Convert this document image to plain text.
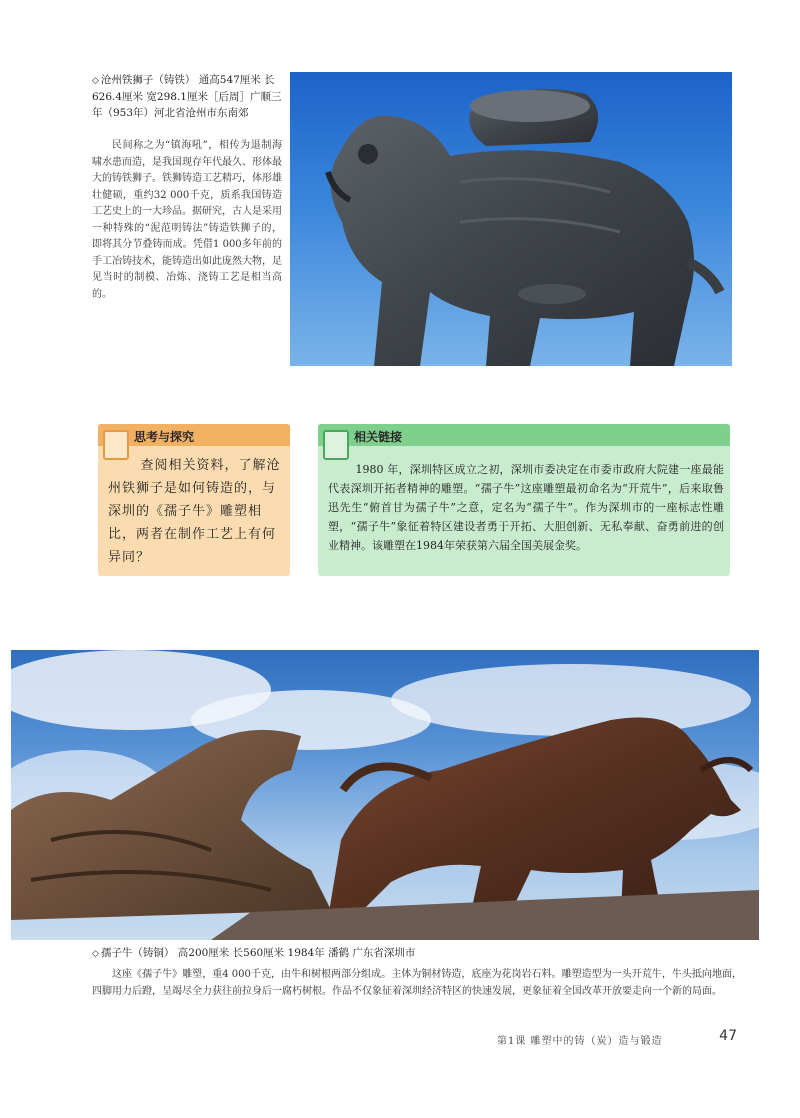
◇ 沧州铁狮子（铸铁） 通高547厘米 长626.4厘米 宽298.1厘米［后周］广顺三年（953年）河北省沧州市东南郊
民间称之为“镇海吼”，相传为退制海啸水患而造，是我国现存年代最久、形体最大的铸铁狮子。铁狮铸造工艺精巧，体形雄壮健硕，重约32 000千克，质系我国铸造工艺史上的一大珍品。据研究，古人是采用一种特殊的“泥范明铸法”铸造铁狮子的，即将其分节叠铸而成。凭借1 000多年前的手工冶铸技术，能铸造出如此庞然大物，足见当时的制模、冶炼、浇铸工艺是相当高的。
思考与探究
查阅相关资料，了解沧州铁狮子是如何铸造的，与深圳的《孺子牛》雕塑相比，两者在制作工艺上有何异同？
相关链接
1980 年，深圳特区成立之初，深圳市委决定在市委市政府大院建一座最能代表深圳开拓者精神的雕塑。“孺子牛”这座雕塑最初命名为“开荒牛”，后来取鲁迅先生“俯首甘为孺子牛”之意，定名为“孺子牛”。作为深圳市的一座标志性雕塑，“孺子牛”象征着特区建设者勇于开拓、大胆创新、无私奉献、奋勇前进的创业精神。该雕塑在1984年荣获第六届全国美展金奖。
◇ 孺子牛（铸铜） 高200厘米 长560厘米 1984年 潘鹤 广东省深圳市
这座《孺子牛》雕塑，重4 000千克，由牛和树根两部分组成。主体为铜材铸造，底座为花岗岩石料。雕塑造型为一头开荒牛，牛头抵向地面，四脚用力后蹬，呈竭尽全力获往前拉身后一腐朽树根。作品不仅象征着深圳经济特区的快速发展，更象征着全国改革开放要走向一个新的局面。
第1课 雕塑中的铸（炭）造与锻造	47
